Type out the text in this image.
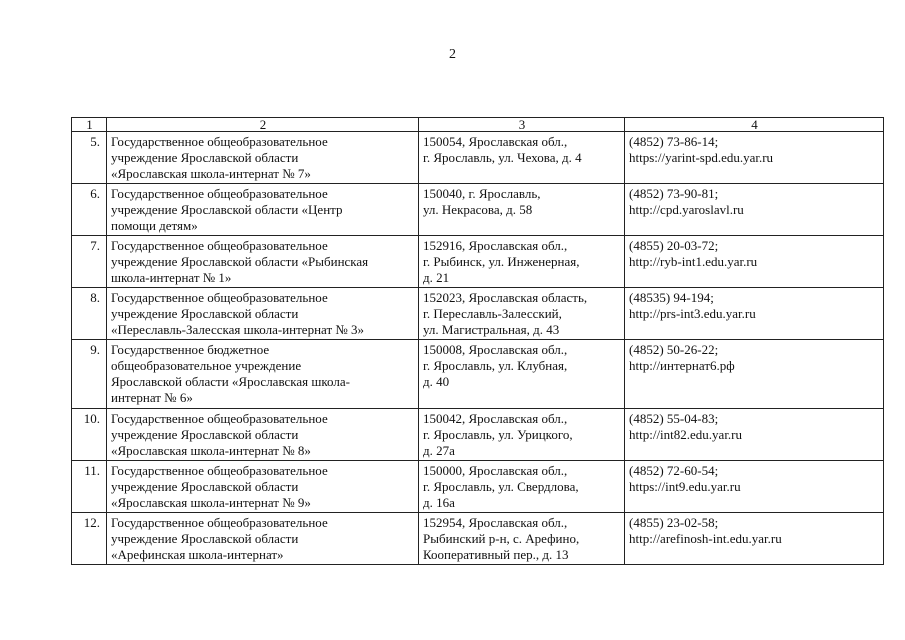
2
1	2	3	4
5.	Государственное общеобразовательное
учреждение Ярославской области
«Ярославская школа-интернат № 7»	150054, Ярославская обл.,
г. Ярославль, ул. Чехова, д. 4	(4852) 73-86-14;
https://yarint-spd.edu.yar.ru

6.	Государственное общеобразовательное
учреждение Ярославской области «Центр
помощи детям»	150040, г. Ярославль,
ул. Некрасова, д. 58	(4852) 73-90-81;
http://cpd.yaroslavl.ru

7.	Государственное общеобразовательное
учреждение Ярославской области «Рыбинская
школа-интернат № 1»	152916, Ярославская обл.,
г. Рыбинск, ул. Инженерная,
д. 21	(4855) 20-03-72;
http://ryb-int1.edu.yar.ru

8.	Государственное общеобразовательное
учреждение Ярославской области
«Переславль-Залесская школа-интернат № 3»	152023, Ярославская область,
г. Переславль-Залесский,
ул. Магистральная, д. 43	(48535) 94-194;
http://prs-int3.edu.yar.ru

9.	Государственное бюджетное
общеобразовательное учреждение
Ярославской области «Ярославская школа-
интернат № 6»	150008, Ярославская обл.,
г. Ярославль, ул. Клубная,
д. 40	(4852) 50-26-22;
http://интернат6.рф

10.	Государственное общеобразовательное
учреждение Ярославской области
«Ярославская школа-интернат № 8»	150042, Ярославская обл.,
г. Ярославль, ул. Урицкого,
д. 27а	(4852) 55-04-83;
http://int82.edu.yar.ru

11.	Государственное общеобразовательное
учреждение Ярославской области
«Ярославская школа-интернат № 9»	150000, Ярославская обл.,
г. Ярославль, ул. Свердлова,
д. 16а	(4852) 72-60-54;
https://int9.edu.yar.ru

12.	Государственное общеобразовательное
учреждение Ярославской области
«Арефинская школа-интернат»	152954, Ярославская обл.,
Рыбинский р-н, с. Арефино,
Кооперативный пер., д. 13	(4855) 23-02-58;
http://arefinosh-int.edu.yar.ru
